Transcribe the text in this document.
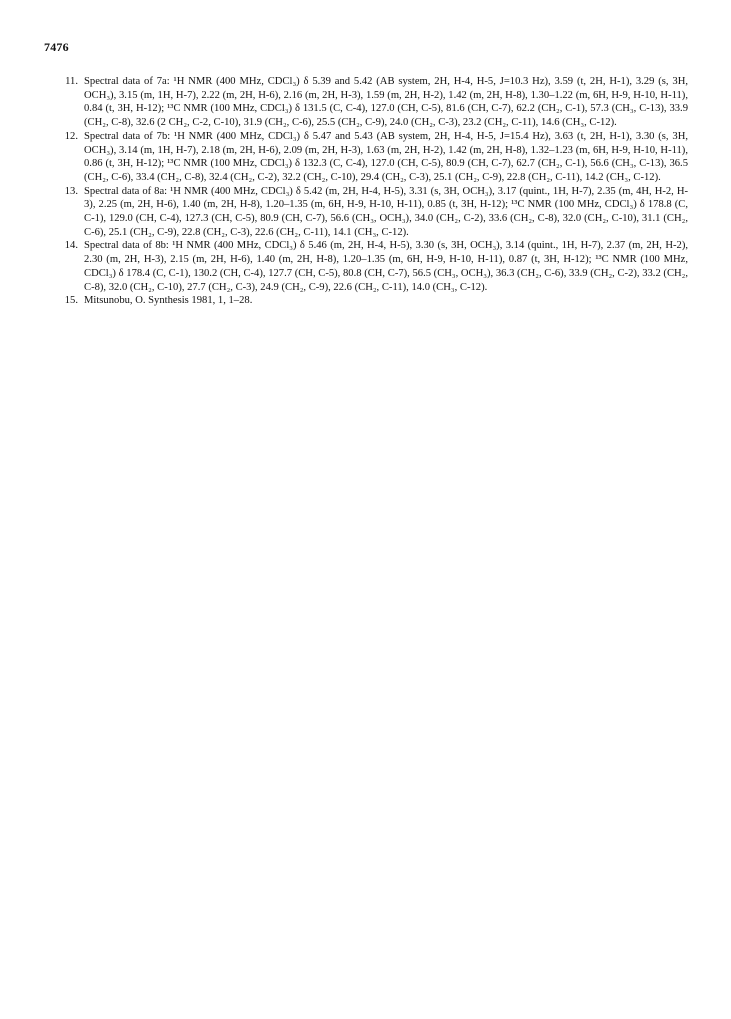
7476
11. Spectral data of 7a: ¹H NMR (400 MHz, CDCl₃) δ 5.39 and 5.42 (AB system, 2H, H-4, H-5, J=10.3 Hz), 3.59 (t, 2H, H-1), 3.29 (s, 3H, OCH₃), 3.15 (m, 1H, H-7), 2.22 (m, 2H, H-6), 2.16 (m, 2H, H-3), 1.59 (m, 2H, H-2), 1.42 (m, 2H, H-8), 1.30–1.22 (m, 6H, H-9, H-10, H-11), 0.84 (t, 3H, H-12); ¹³C NMR (100 MHz, CDCl₃) δ 131.5 (C, C-4), 127.0 (CH, C-5), 81.6 (CH, C-7), 62.2 (CH₂, C-1), 57.3 (CH₃, C-13), 33.9 (CH₂, C-8), 32.6 (2 CH₂, C-2, C-10), 31.9 (CH₂, C-6), 25.5 (CH₂, C-9), 24.0 (CH₂, C-3), 23.2 (CH₂, C-11), 14.6 (CH₃, C-12).
12. Spectral data of 7b: ¹H NMR (400 MHz, CDCl₃) δ 5.47 and 5.43 (AB system, 2H, H-4, H-5, J=15.4 Hz), 3.63 (t, 2H, H-1), 3.30 (s, 3H, OCH₃), 3.14 (m, 1H, H-7), 2.18 (m, 2H, H-6), 2.09 (m, 2H, H-3), 1.63 (m, 2H, H-2), 1.42 (m, 2H, H-8), 1.32–1.23 (m, 6H, H-9, H-10, H-11), 0.86 (t, 3H, H-12); ¹³C NMR (100 MHz, CDCl₃) δ 132.3 (C, C-4), 127.0 (CH, C-5), 80.9 (CH, C-7), 62.7 (CH₂, C-1), 56.6 (CH₃, C-13), 36.5 (CH₂, C-6), 33.4 (CH₂, C-8), 32.4 (CH₂, C-2), 32.2 (CH₂, C-10), 29.4 (CH₂, C-3), 25.1 (CH₂, C-9), 22.8 (CH₂, C-11), 14.2 (CH₃, C-12).
13. Spectral data of 8a: ¹H NMR (400 MHz, CDCl₃) δ 5.42 (m, 2H, H-4, H-5), 3.31 (s, 3H, OCH₃), 3.17 (quint., 1H, H-7), 2.35 (m, 4H, H-2, H-3), 2.25 (m, 2H, H-6), 1.40 (m, 2H, H-8), 1.20–1.35 (m, 6H, H-9, H-10, H-11), 0.85 (t, 3H, H-12); ¹³C NMR (100 MHz, CDCl₃) δ 178.8 (C, C-1), 129.0 (CH, C-4), 127.3 (CH, C-5), 80.9 (CH, C-7), 56.6 (CH₃, OCH₃), 34.0 (CH₂, C-2), 33.6 (CH₂, C-8), 32.0 (CH₂, C-10), 31.1 (CH₂, C-6), 25.1 (CH₂, C-9), 22.8 (CH₂, C-3), 22.6 (CH₂, C-11), 14.1 (CH₃, C-12).
14. Spectral data of 8b: ¹H NMR (400 MHz, CDCl₃) δ 5.46 (m, 2H, H-4, H-5), 3.30 (s, 3H, OCH₃), 3.14 (quint., 1H, H-7), 2.37 (m, 2H, H-2), 2.30 (m, 2H, H-3), 2.15 (m, 2H, H-6), 1.40 (m, 2H, H-8), 1.20–1.35 (m, 6H, H-9, H-10, H-11), 0.87 (t, 3H, H-12); ¹³C NMR (100 MHz, CDCl₃) δ 178.4 (C, C-1), 130.2 (CH, C-4), 127.7 (CH, C-5), 80.8 (CH, C-7), 56.5 (CH₃, OCH₃), 36.3 (CH₂, C-6), 33.9 (CH₂, C-2), 33.2 (CH₂, C-8), 32.0 (CH₂, C-10), 27.7 (CH₂, C-3), 24.9 (CH₂, C-9), 22.6 (CH₂, C-11), 14.0 (CH₃, C-12).
15. Mitsunobu, O. Synthesis 1981, 1, 1–28.
